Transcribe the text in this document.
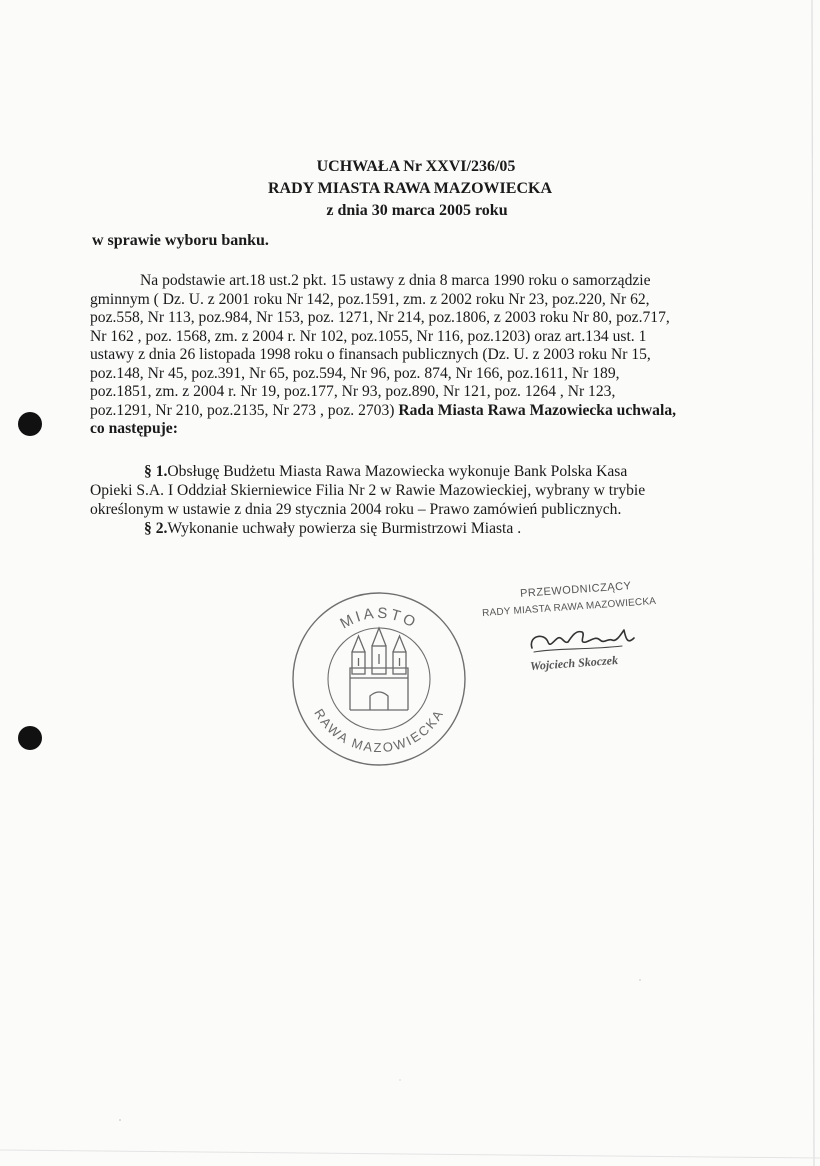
UCHWAŁA Nr XXVI/236/05
RADY MIASTA RAWA MAZOWIECKA
z dnia 30 marca 2005 roku
w sprawie wyboru banku.
Na podstawie art.18 ust.2 pkt. 15 ustawy z dnia 8 marca 1990 roku o samorządzie
gminnym ( Dz. U. z 2001 roku Nr 142, poz.1591, zm. z 2002 roku Nr 23, poz.220, Nr 62,
poz.558, Nr 113, poz.984, Nr 153, poz. 1271, Nr 214, poz.1806, z 2003 roku Nr 80, poz.717,
Nr 162 , poz. 1568, zm. z 2004 r. Nr 102, poz.1055, Nr 116, poz.1203) oraz art.134 ust. 1
ustawy z dnia 26 listopada 1998 roku o finansach publicznych (Dz. U. z 2003 roku Nr 15,
poz.148, Nr 45, poz.391, Nr 65, poz.594, Nr 96, poz. 874, Nr 166, poz.1611, Nr 189,
poz.1851, zm. z 2004 r. Nr 19, poz.177, Nr 93, poz.890, Nr 121, poz. 1264 , Nr 123,
poz.1291, Nr 210, poz.2135, Nr 273 , poz. 2703) Rada Miasta Rawa Mazowiecka uchwala,
co następuje:
§ 1.Obsługę Budżetu Miasta Rawa Mazowiecka wykonuje Bank Polska Kasa
Opieki S.A. I Oddział Skierniewice Filia Nr 2 w Rawie Mazowieckiej, wybrany w trybie
określonym w ustawie z dnia 29 stycznia 2004 roku – Prawo zamówień publicznych.
§ 2.Wykonanie uchwały powierza się Burmistrzowi Miasta .
MIASTO
RAWA MAZOWIECKA
PRZEWODNICZĄCY
RADY MIASTA RAWA MAZOWIECKA
Wojciech Skoczek
